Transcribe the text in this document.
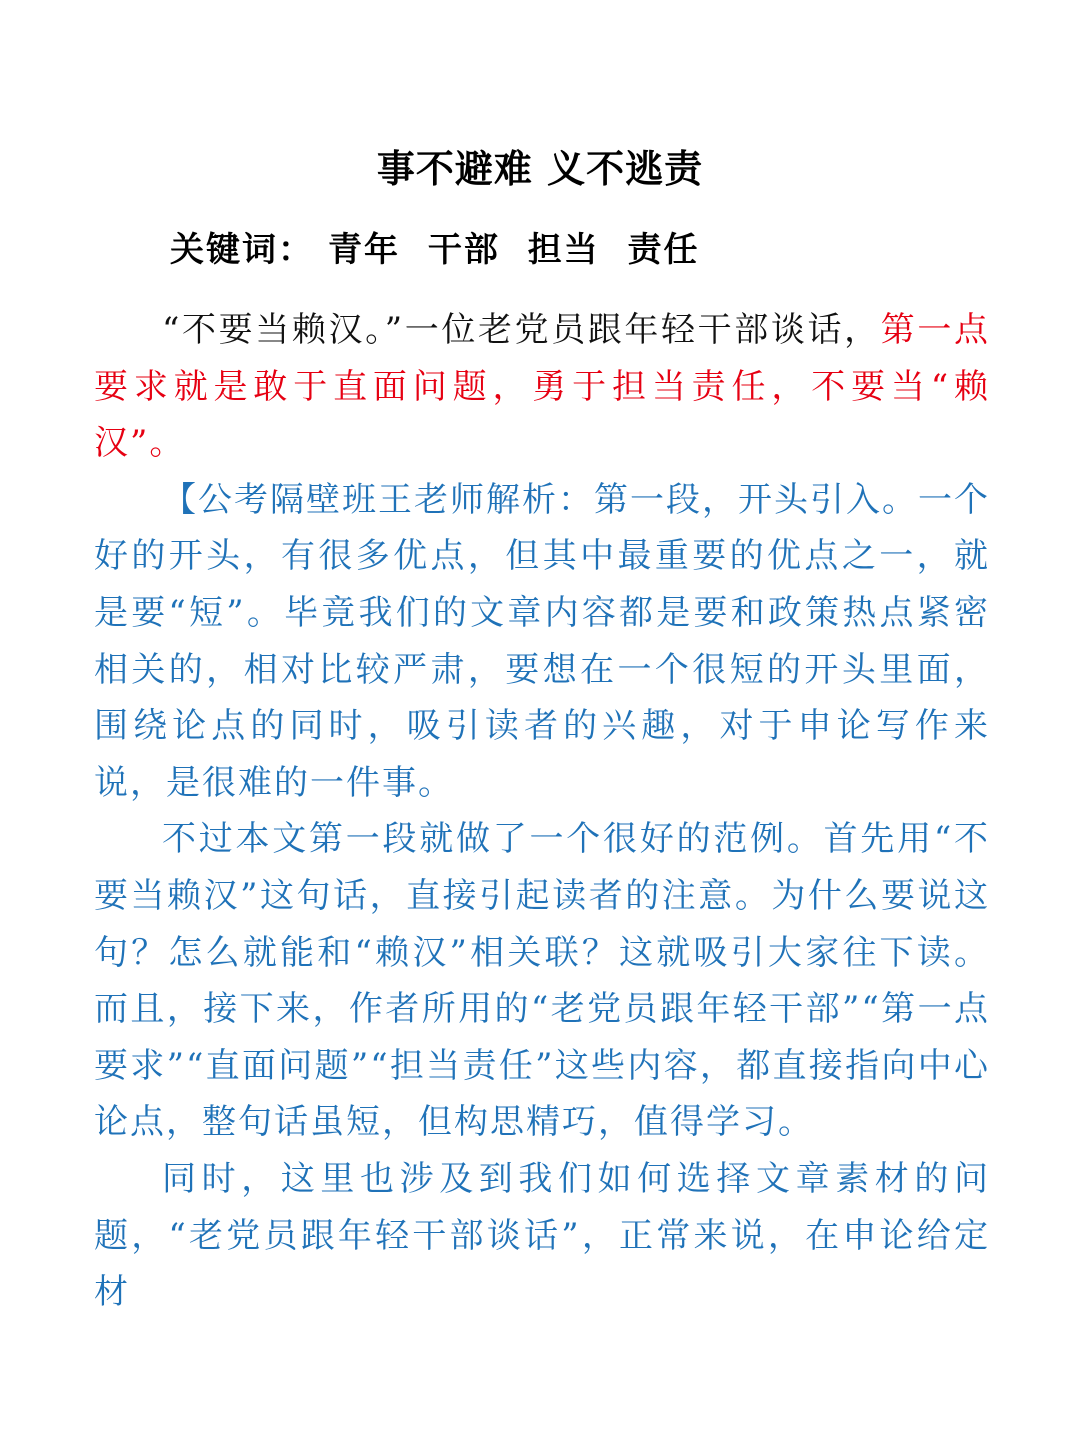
事不避难 义不逃责

关键词： 青年 干部 担当 责任

“不要当赖汉。”一位老党员跟年轻干部谈话，第一点要求就是敢于直面问题，勇于担当责任，不要当“赖汉”。

【公考隔壁班王老师解析：第一段，开头引入。一个好的开头，有很多优点，但其中最重要的优点之一，就是要“短”。毕竟我们的文章内容都是要和政策热点紧密相关的，相对比较严肃，要想在一个很短的开头里面，围绕论点的同时，吸引读者的兴趣，对于申论写作来说，是很难的一件事。

不过本文第一段就做了一个很好的范例。首先用“不要当赖汉”这句话，直接引起读者的注意。为什么要说这句？怎么就能和“赖汉”相关联？这就吸引大家往下读。而且，接下来，作者所用的“老党员跟年轻干部”“第一点要求”“直面问题”“担当责任”这些内容，都直接指向中心论点，整句话虽短，但构思精巧，值得学习。

同时，这里也涉及到我们如何选择文章素材的问题，“老党员跟年轻干部谈话”，正常来说，在申论给定材
